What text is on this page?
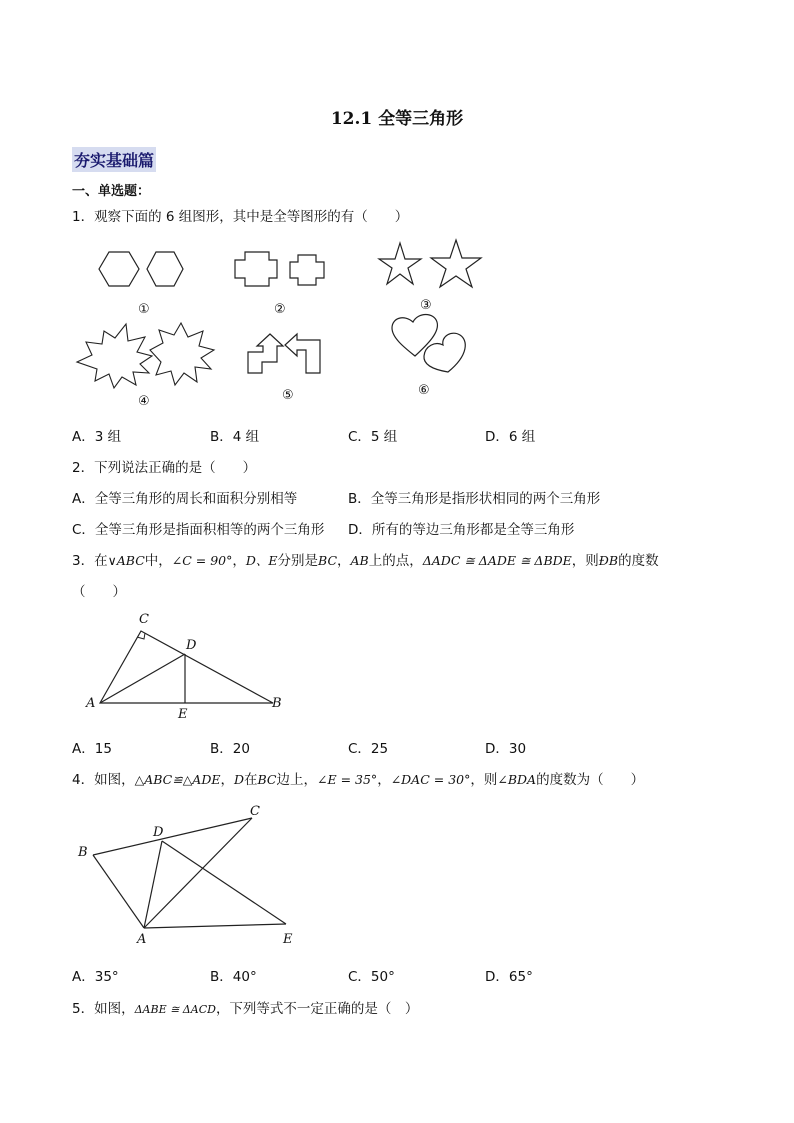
12.1 全等三角形
夯实基础篇
一、单选题：
1．观察下面的 6 组图形，其中是全等图形的有（　　）
①	②	③
④	⑤	⑥
A．3 组	B．4 组	C．5 组	D．6 组
2．下列说法正确的是（　　）
A．全等三角形的周长和面积分别相等	B．全等三角形是指形状相同的两个三角形
C．全等三角形是指面积相等的两个三角形 D．所有的等边三角形都是全等三角形
3．在∨ABC中，∠C = 90°，D、E分别是BC，AB上的点，ΔADC ≅ ΔADE ≅ ΔBDE，则ÐB的度数
（　　）
C
D
A
E
B
A．15	B．20	C．25	D．30
4．如图，△ABC≌△ADE，D在BC边上，∠E = 35°，∠DAC = 30°，则∠BDA的度数为（　　）
B
D
C
A	E
A．35°	B．40°	C．50°	D．65°
5．如图，ΔABE ≅ ΔACD，下列等式不一定正确的是（　）
